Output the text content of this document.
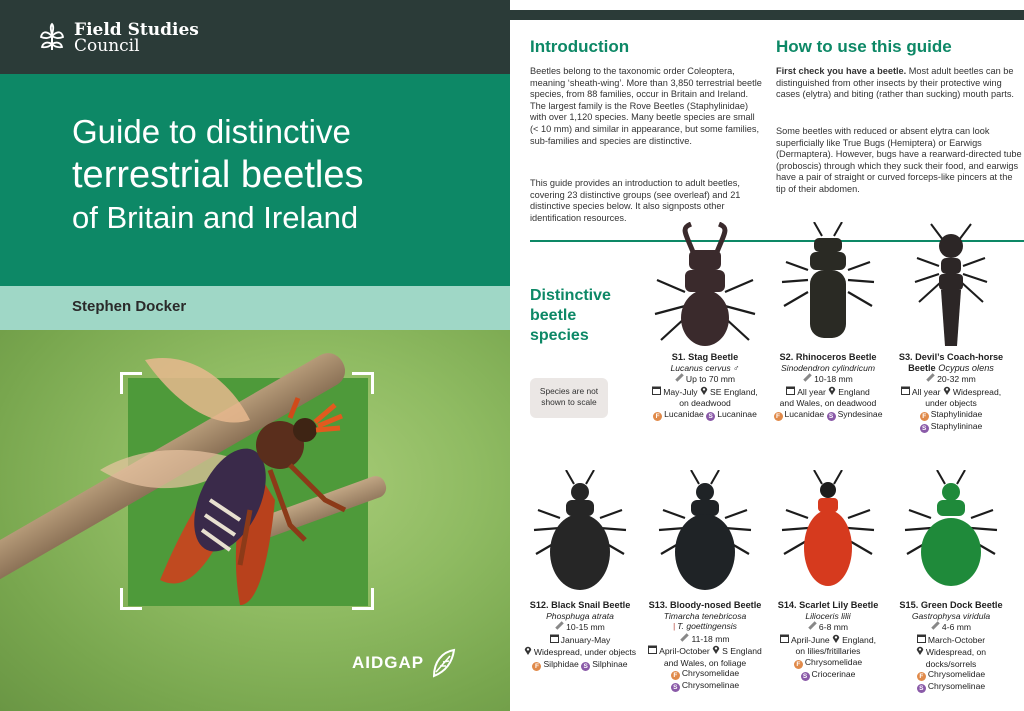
Field Studies
Council
Guide to distinctive
terrestrial beetles
of Britain and Ireland
Stephen Docker
AIDGAP
Introduction	How to use this guide

Beetles belong to the taxonomic order Coleoptera, meaning ‘sheath-wing’. More than 3,850 terrestrial beetle species, from 88 families, occur in Britain and Ireland. The largest family is the Rove Beetles (Staphylinidae) with over 1,120 species. Many beetle species are small (< 10 mm) and similar in appearance, but some families, sub-families and species are distinctive.

This guide provides an introduction to adult beetles, covering 23 distinctive groups (see overleaf) and 21 distinctive species below. It also signposts other identification resources.

First check you have a beetle. Most adult beetles can be distinguished from other insects by their protective wing cases (elytra) and biting (rather than sucking) mouth parts.

Some beetles with reduced or absent elytra can look superficially like True Bugs (Hemiptera) or Earwigs (Dermaptera). However, bugs have a rearward-directed tube (proboscis) through which they suck their food, and earwigs have a pair of straight or curved forceps-like pincers at the tip of their abdomen.

Distinctive
beetle
species
Species are not shown to scale
S1. Stag Beetle
Lucanus cervus ♂
Up to 70 mm
May-July SE England,
on deadwood
F Lucanidae S Lucaninae
S2. Rhinoceros Beetle
Sinodendron cylindricum
10-18 mm
All year England
and Wales, on deadwood
F Lucanidae S Syndesinae
S3. Devil’s Coach-horse
Beetle Ocypus olens
20-32 mm
All year Widespread,
under objects
F Staphylinidae
S Staphylininae
S12. Black Snail Beetle
Phosphuga atrata
10-15 mm
January-May
Widespread, under objects
F Silphidae S Silphinae
S13. Bloody-nosed Beetle
Timarcha tenebricosa
| T. goettingensis
11-18 mm
April-October S England
and Wales, on foliage
F Chrysomelidae
S Chrysomelinae
S14. Scarlet Lily Beetle
Lilioceris lilii
6-8 mm
April-June England,
on lilies/fritillaries
F Chrysomelidae
S Criocerinae
S15. Green Dock Beetle
Gastrophysa viridula
4-6 mm
March-October
Widespread, on docks/sorrels
F Chrysomelidae
S Chrysomelinae
